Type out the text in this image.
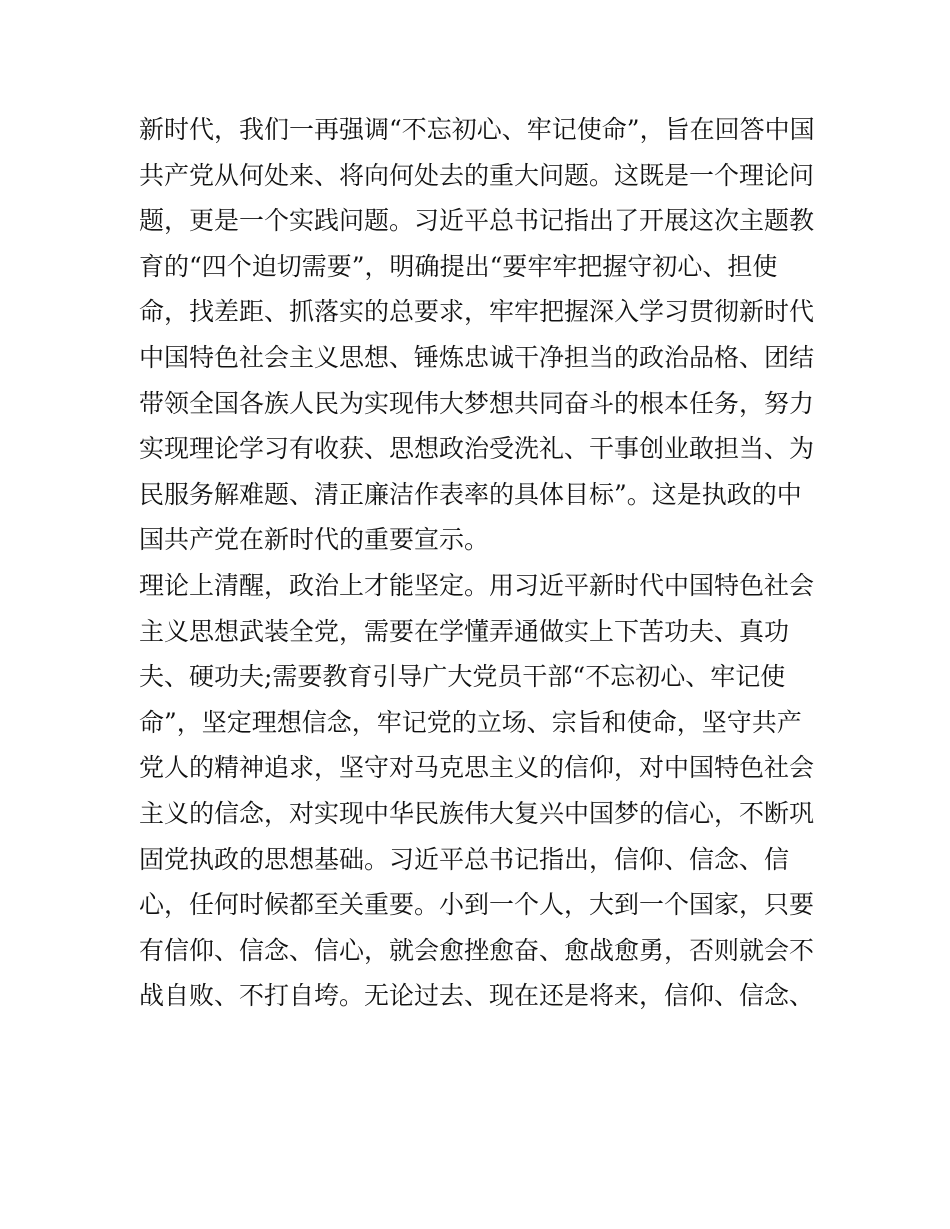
新时代，我们一再强调“不忘初心、牢记使命”，旨在回答中国
共产党从何处来、将向何处去的重大问题。这既是一个理论问
题，更是一个实践问题。习近平总书记指出了开展这次主题教
育的“四个迫切需要”，明确提出“要牢牢把握守初心、担使
命，找差距、抓落实的总要求，牢牢把握深入学习贯彻新时代
中国特色社会主义思想、锤炼忠诚干净担当的政治品格、团结
带领全国各族人民为实现伟大梦想共同奋斗的根本任务，努力
实现理论学习有收获、思想政治受洗礼、干事创业敢担当、为
民服务解难题、清正廉洁作表率的具体目标”。这是执政的中
国共产党在新时代的重要宣示。
理论上清醒，政治上才能坚定。用习近平新时代中国特色社会
主义思想武装全党，需要在学懂弄通做实上下苦功夫、真功
夫、硬功夫;需要教育引导广大党员干部“不忘初心、牢记使
命”，坚定理想信念，牢记党的立场、宗旨和使命，坚守共产
党人的精神追求，坚守对马克思主义的信仰，对中国特色社会
主义的信念，对实现中华民族伟大复兴中国梦的信心，不断巩
固党执政的思想基础。习近平总书记指出，信仰、信念、信
心，任何时候都至关重要。小到一个人，大到一个国家，只要
有信仰、信念、信心，就会愈挫愈奋、愈战愈勇，否则就会不
战自败、不打自垮。无论过去、现在还是将来，信仰、信念、
